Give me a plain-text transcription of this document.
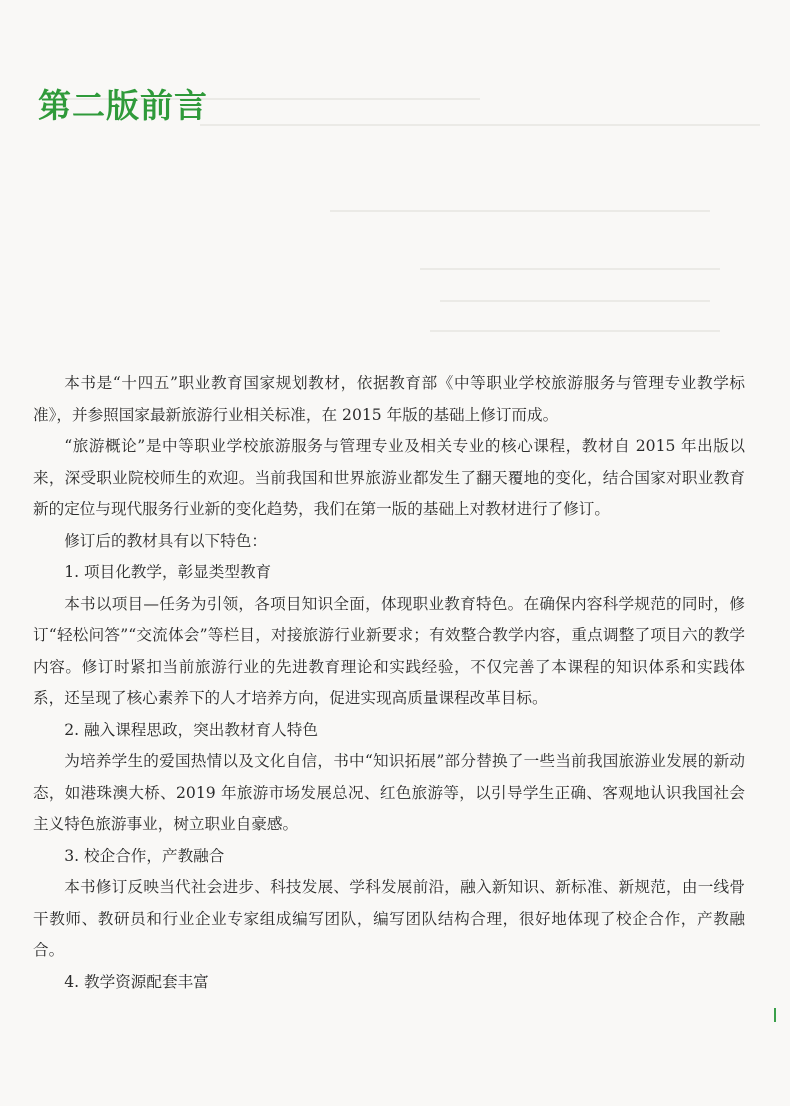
第二版前言

本书是“十四五”职业教育国家规划教材，依据教育部《中等职业学校旅游服务与管理专业教学标准》，并参照国家最新旅游行业相关标准，在 2015 年版的基础上修订而成。

“旅游概论”是中等职业学校旅游服务与管理专业及相关专业的核心课程，教材自 2015 年出版以来，深受职业院校师生的欢迎。当前我国和世界旅游业都发生了翻天覆地的变化，结合国家对职业教育新的定位与现代服务行业新的变化趋势，我们在第一版的基础上对教材进行了修订。

修订后的教材具有以下特色：

1. 项目化教学，彰显类型教育

本书以项目—任务为引领，各项目知识全面，体现职业教育特色。在确保内容科学规范的同时，修订“轻松问答”“交流体会”等栏目，对接旅游行业新要求；有效整合教学内容，重点调整了项目六的教学内容。修订时紧扣当前旅游行业的先进教育理论和实践经验，不仅完善了本课程的知识体系和实践体系，还呈现了核心素养下的人才培养方向，促进实现高质量课程改革目标。

2. 融入课程思政，突出教材育人特色

为培养学生的爱国热情以及文化自信，书中“知识拓展”部分替换了一些当前我国旅游业发展的新动态，如港珠澳大桥、2019 年旅游市场发展总况、红色旅游等，以引导学生正确、客观地认识我国社会主义特色旅游事业，树立职业自豪感。

3. 校企合作，产教融合

本书修订反映当代社会进步、科技发展、学科发展前沿，融入新知识、新标准、新规范，由一线骨干教师、教研员和行业企业专家组成编写团队，编写团队结构合理，很好地体现了校企合作，产教融合。

4. 教学资源配套丰富
